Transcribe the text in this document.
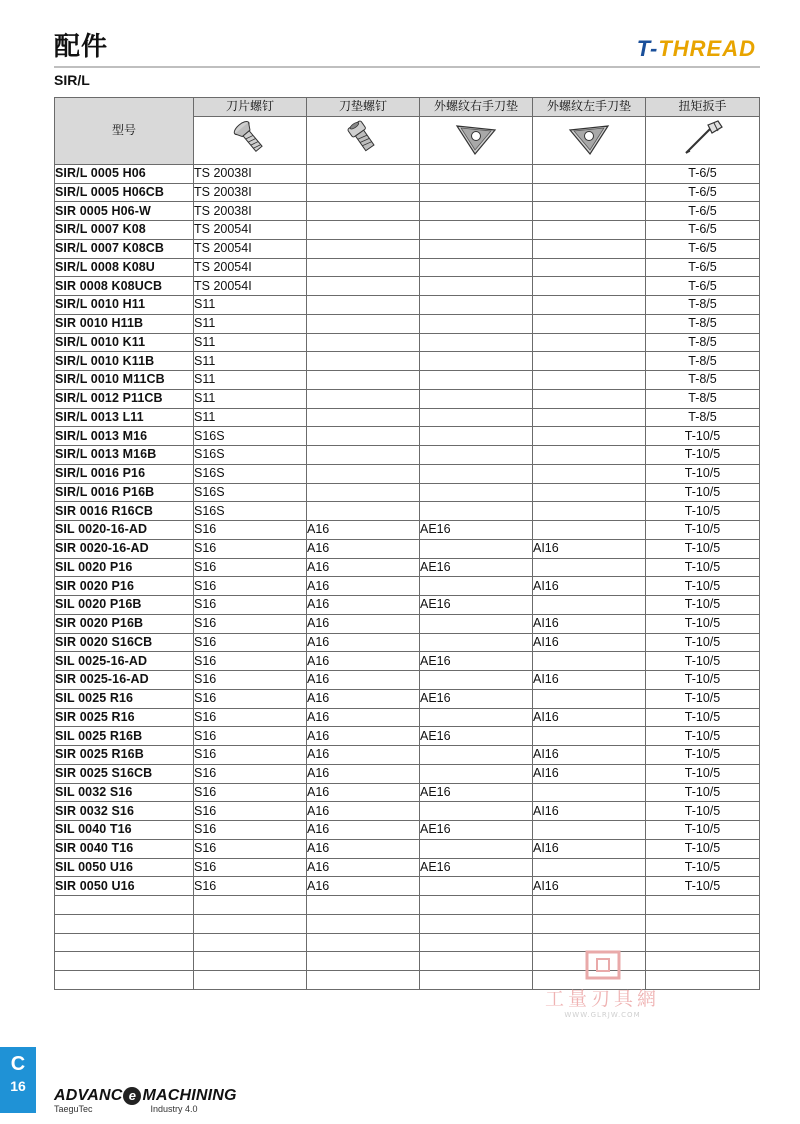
配件	T-THREAD
SIR/L
型号	刀片螺钉	刀垫螺钉	外螺纹右手刀垫	外螺纹左手刀垫	扭矩扳手

SIR/L 0005 H06	TS 20038I				T-6/5
SIR/L 0005 H06CB	TS 20038I				T-6/5
SIR 0005 H06-W	TS 20038I				T-6/5
SIR/L 0007 K08	TS 20054I				T-6/5
SIR/L 0007 K08CB	TS 20054I				T-6/5
SIR/L 0008 K08U	TS 20054I				T-6/5
SIR 0008 K08UCB	TS 20054I				T-6/5
SIR/L 0010 H11	S11				T-8/5
SIR 0010 H11B	S11				T-8/5
SIR/L 0010 K11	S11				T-8/5
SIR/L 0010 K11B	S11				T-8/5
SIR/L 0010 M11CB	S11				T-8/5
SIR/L 0012 P11CB	S11				T-8/5
SIR/L 0013 L11	S11				T-8/5
SIR/L 0013 M16	S16S				T-10/5
SIR/L 0013 M16B	S16S				T-10/5
SIR/L 0016 P16	S16S				T-10/5
SIR/L 0016 P16B	S16S				T-10/5
SIR 0016 R16CB	S16S				T-10/5
SIL 0020-16-AD	S16	A16	AE16		T-10/5
SIR 0020-16-AD	S16	A16		AI16	T-10/5
SIL 0020 P16	S16	A16	AE16		T-10/5
SIR 0020 P16	S16	A16		AI16	T-10/5
SIL 0020 P16B	S16	A16	AE16		T-10/5
SIR 0020 P16B	S16	A16		AI16	T-10/5
SIR 0020 S16CB	S16	A16		AI16	T-10/5
SIL 0025-16-AD	S16	A16	AE16		T-10/5
SIR 0025-16-AD	S16	A16		AI16	T-10/5
SIL 0025 R16	S16	A16	AE16		T-10/5
SIR 0025 R16	S16	A16		AI16	T-10/5
SIL 0025 R16B	S16	A16	AE16		T-10/5
SIR 0025 R16B	S16	A16		AI16	T-10/5
SIR 0025 S16CB	S16	A16		AI16	T-10/5
SIL 0032 S16	S16	A16	AE16		T-10/5
SIR 0032 S16	S16	A16		AI16	T-10/5
SIL 0040 T16	S16	A16	AE16		T-10/5
SIR 0040 T16	S16	A16		AI16	T-10/5
SIL 0050 U16	S16	A16	AE16		T-10/5
SIR 0050 U16	S16	A16		AI16	T-10/5

工量刃具網
WWW.GLRJW.COM
C
16
ADVANC e MACHINING
TaeguTec	Industry 4.0
